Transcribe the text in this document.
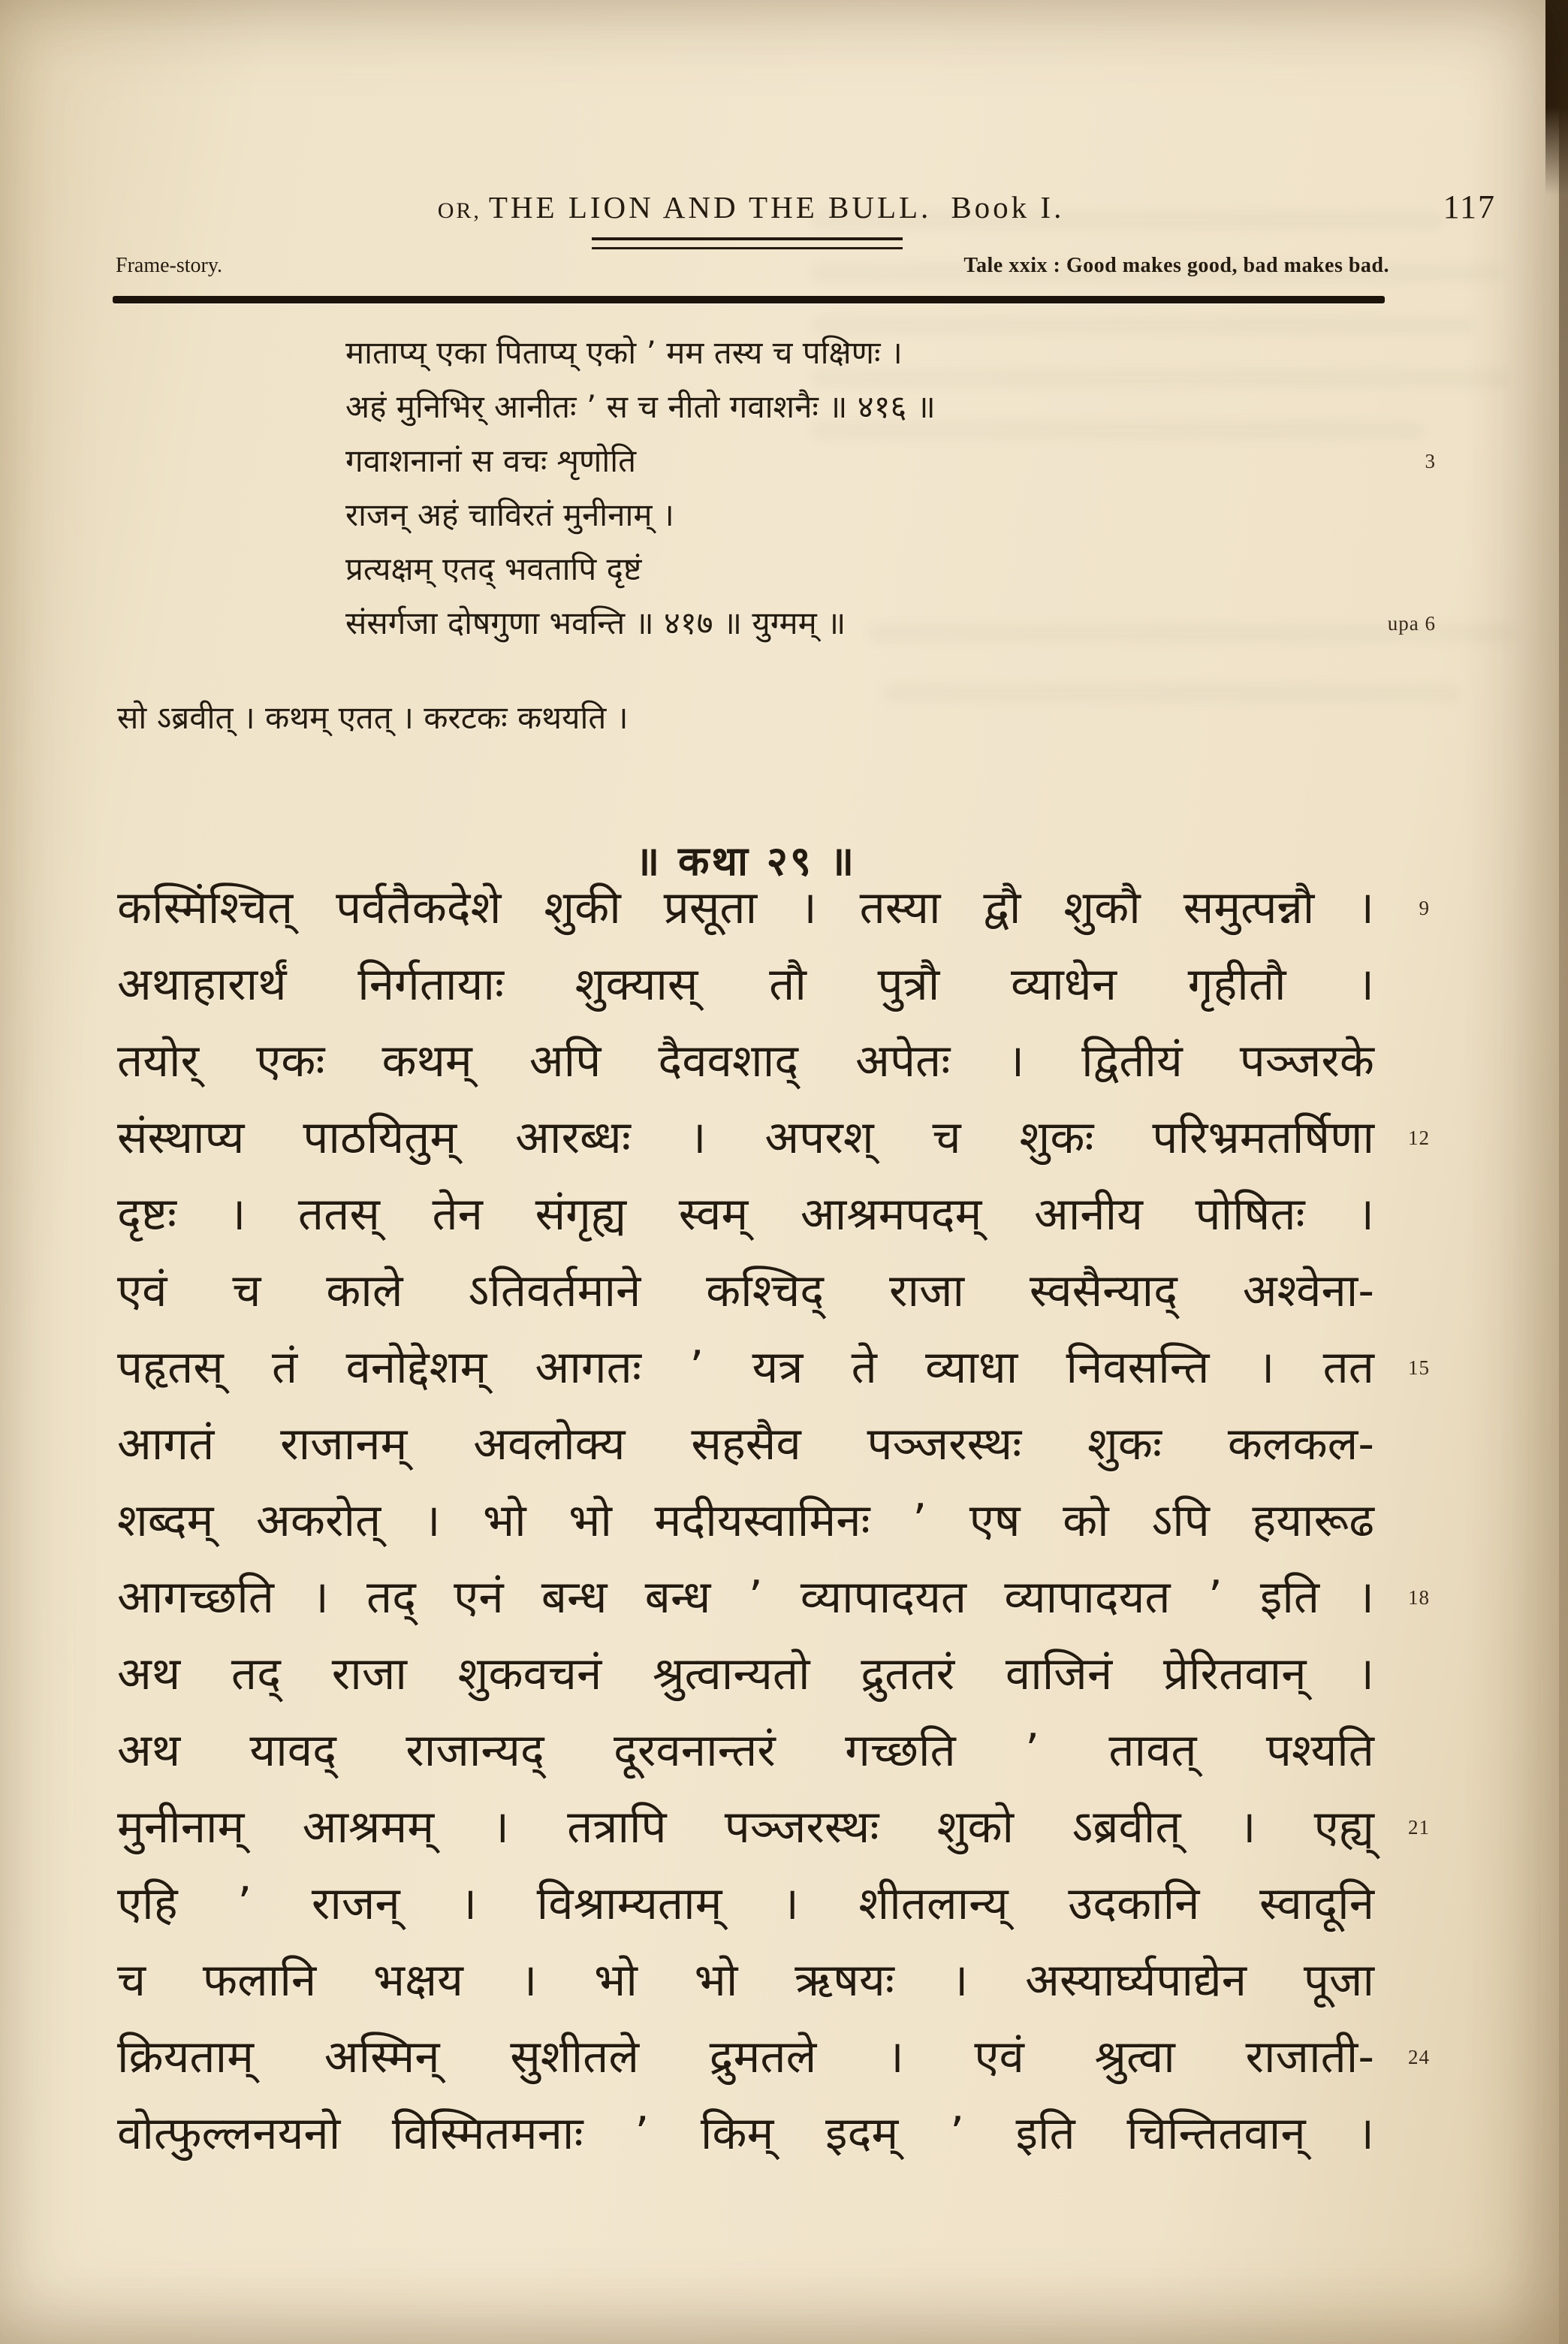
OR, THE LION AND THE BULL. Book I.	117
Frame-story.	Tale xxix : Good makes good, bad makes bad.
माताप्य् एका पिताप्य् एको ʼ मम तस्य च पक्षिणः ।
अहं मुनिभिर् आनीतः ʼ स च नीतो गवाशनैः ॥ ४१६ ॥
गवाशनानां स वचः शृणोति	3
राजन् अहं चाविरतं मुनीनाम् ।
प्रत्यक्षम् एतद् भवतापि दृष्टं
संसर्गजा दोषगुणा भवन्ति ॥ ४१७ ॥ युग्मम् ॥	upa 6

सो ऽब्रवीत् । कथम् एतत् । करटकः कथयति ।

॥ कथा २९ ॥
कस्मिंश्चित् पर्वतैकदेशे शुकी प्रसूता । तस्या द्वौ शुकौ समुत्पन्नौ । 9
अथाहारार्थं निर्गतायाः शुक्यास् तौ पुत्रौ व्याधेन गृहीतौ ।
तयोर् एकः कथम् अपि दैववशाद् अपेतः । द्वितीयं पञ्जरके
संस्थाप्य पाठयितुम् आरब्धः । अपरश् च शुकः परिभ्रमतर्षिणा 12
दृष्टः । ततस् तेन संगृह्य स्वम् आश्रमपदम् आनीय पोषितः ।
एवं च काले ऽतिवर्तमाने कश्चिद् राजा स्वसैन्याद् अश्वेना-
पहृतस् तं वनोद्देशम् आगतः ʼ यत्र ते व्याधा निवसन्ति । तत 15
आगतं राजानम् अवलोक्य सहसैव पञ्जरस्थः शुकः कलकल-
शब्दम् अकरोत् । भो भो मदीयस्वामिनः ʼ एष को ऽपि हयारूढ
आगच्छति । तद् एनं बन्ध बन्ध ʼ व्यापादयत व्यापादयत ʼ इति । 18
अथ तद् राजा शुकवचनं श्रुत्वान्यतो द्रुततरं वाजिनं प्रेरितवान् ।
अथ यावद् राजान्यद् दूरवनान्तरं गच्छति ʼ तावत् पश्यति
मुनीनाम् आश्रमम् । तत्रापि पञ्जरस्थः शुको ऽब्रवीत् । एह्य् 21
एहि ʼ राजन् । विश्राम्यताम् । शीतलान्य् उदकानि स्वादूनि
च फलानि भक्षय । भो भो ऋषयः । अस्यार्घ्यपाद्येन पूजा
क्रियताम् अस्मिन् सुशीतले द्रुमतले । एवं श्रुत्वा राजाती- 24
वोत्फुल्लनयनो विस्मितमनाः ʼ किम् इदम् ʼ इति चिन्तितवान् ।
